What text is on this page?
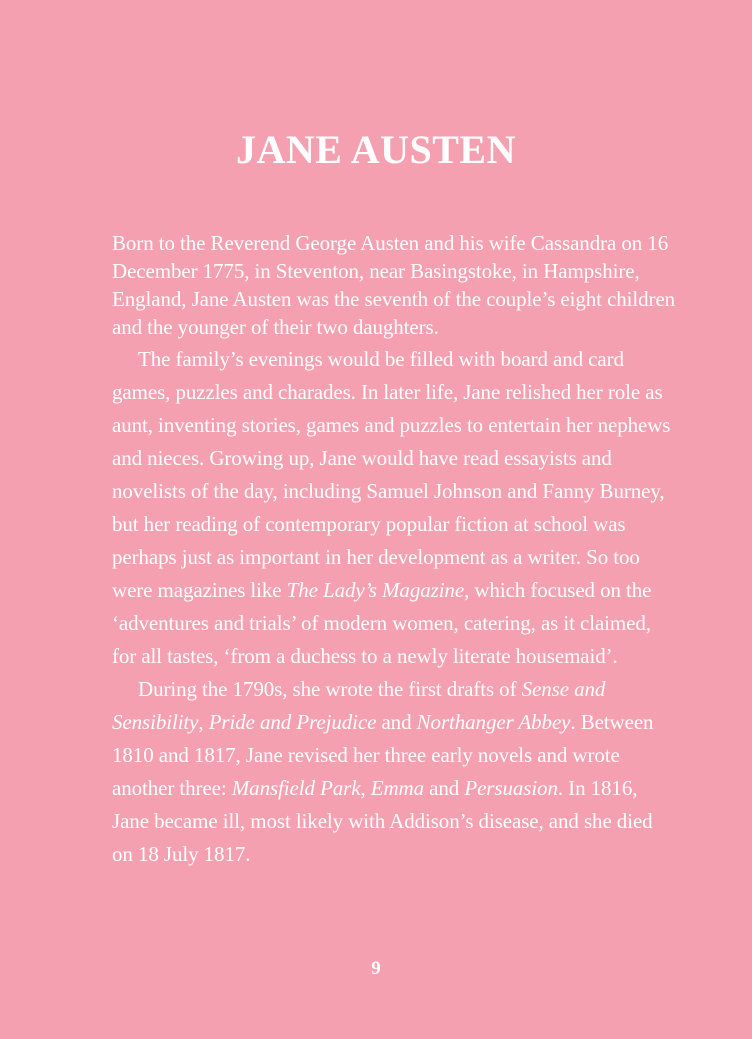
JANE AUSTEN

Born to the Reverend George Austen and his wife Cassandra on 16 December 1775, in Steventon, near Basingstoke, in Hampshire, England, Jane Austen was the seventh of the couple’s eight children and the younger of their two daughters.

The family’s evenings would be filled with board and card games, puzzles and charades. In later life, Jane relished her role as aunt, inventing stories, games and puzzles to entertain her nephews and nieces. Growing up, Jane would have read essayists and novelists of the day, including Samuel Johnson and Fanny Burney, but her reading of contemporary popular fiction at school was perhaps just as important in her development as a writer. So too were magazines like The Lady’s Magazine, which focused on the ‘adventures and trials’ of modern women, catering, as it claimed, for all tastes, ‘from a duchess to a newly literate housemaid’.

During the 1790s, she wrote the first drafts of Sense and Sensibility, Pride and Prejudice and Northanger Abbey. Between 1810 and 1817, Jane revised her three early novels and wrote another three: Mansfield Park, Emma and Persuasion. In 1816, Jane became ill, most likely with Addison’s disease, and she died on 18 July 1817.

9
